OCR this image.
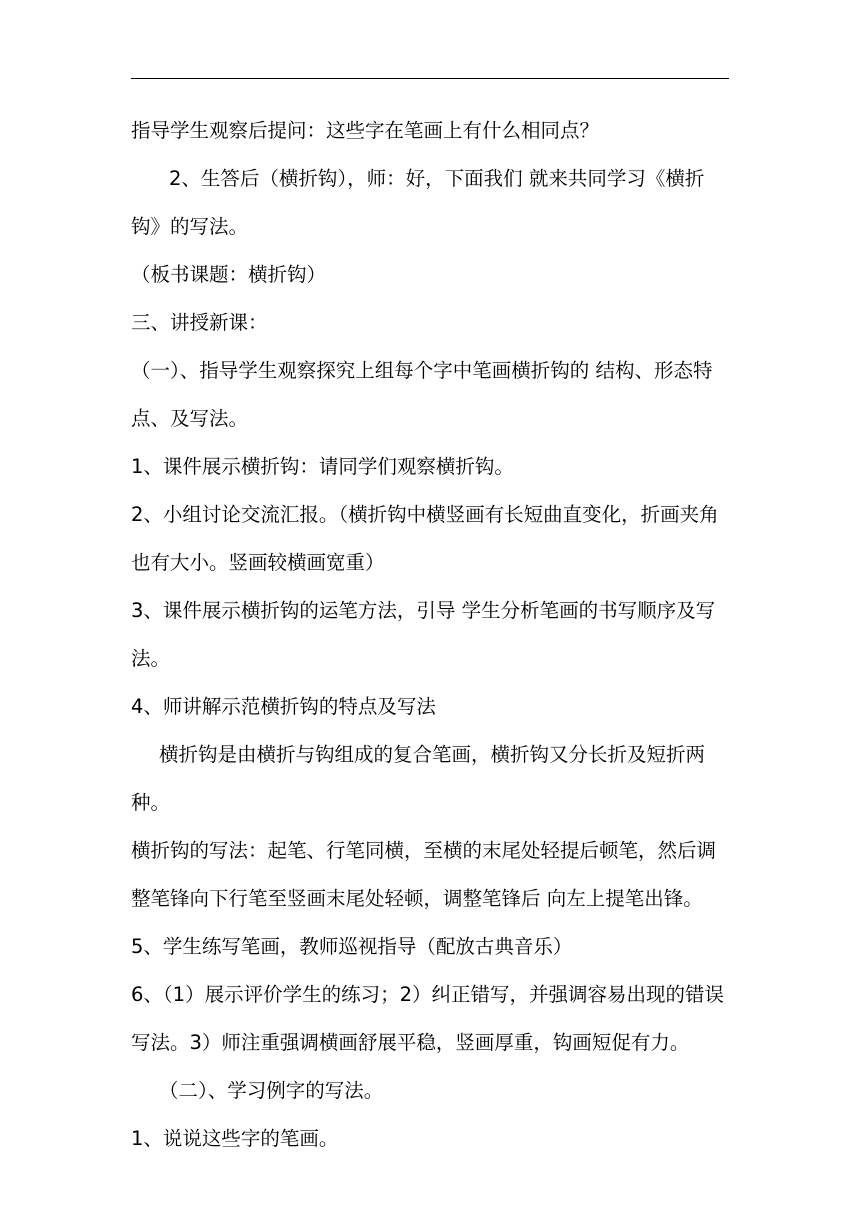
指导学生观察后提问：这些字在笔画上有什么相同点？

2、生答后（横折钩），师：好，下面我们 就来共同学习《横折

钩》的写法。

（板书课题：横折钩）

三、讲授新课：

（一）、指导学生观察探究上组每个字中笔画横折钩的 结构、形态特

点、及写法。

1、课件展示横折钩：请同学们观察横折钩。

2、小组讨论交流汇报。（横折钩中横竖画有长短曲直变化，折画夹角

也有大小。竖画较横画宽重）

3、课件展示横折钩的运笔方法，引导 学生分析笔画的书写顺序及写

法。

4、师讲解示范横折钩的特点及写法

横折钩是由横折与钩组成的复合笔画，横折钩又分长折及短折两

种。

横折钩的写法：起笔、行笔同横，至横的末尾处轻提后顿笔，然后调

整笔锋向下行笔至竖画末尾处轻顿，调整笔锋后 向左上提笔出锋。

5、学生练写笔画，教师巡视指导（配放古典音乐）

6、（1）展示评价学生的练习；2）纠正错写，并强调容易出现的错误

写法。3）师注重强调横画舒展平稳，竖画厚重，钩画短促有力。

（二）、学习例字的写法。

1、说说这些字的笔画。
